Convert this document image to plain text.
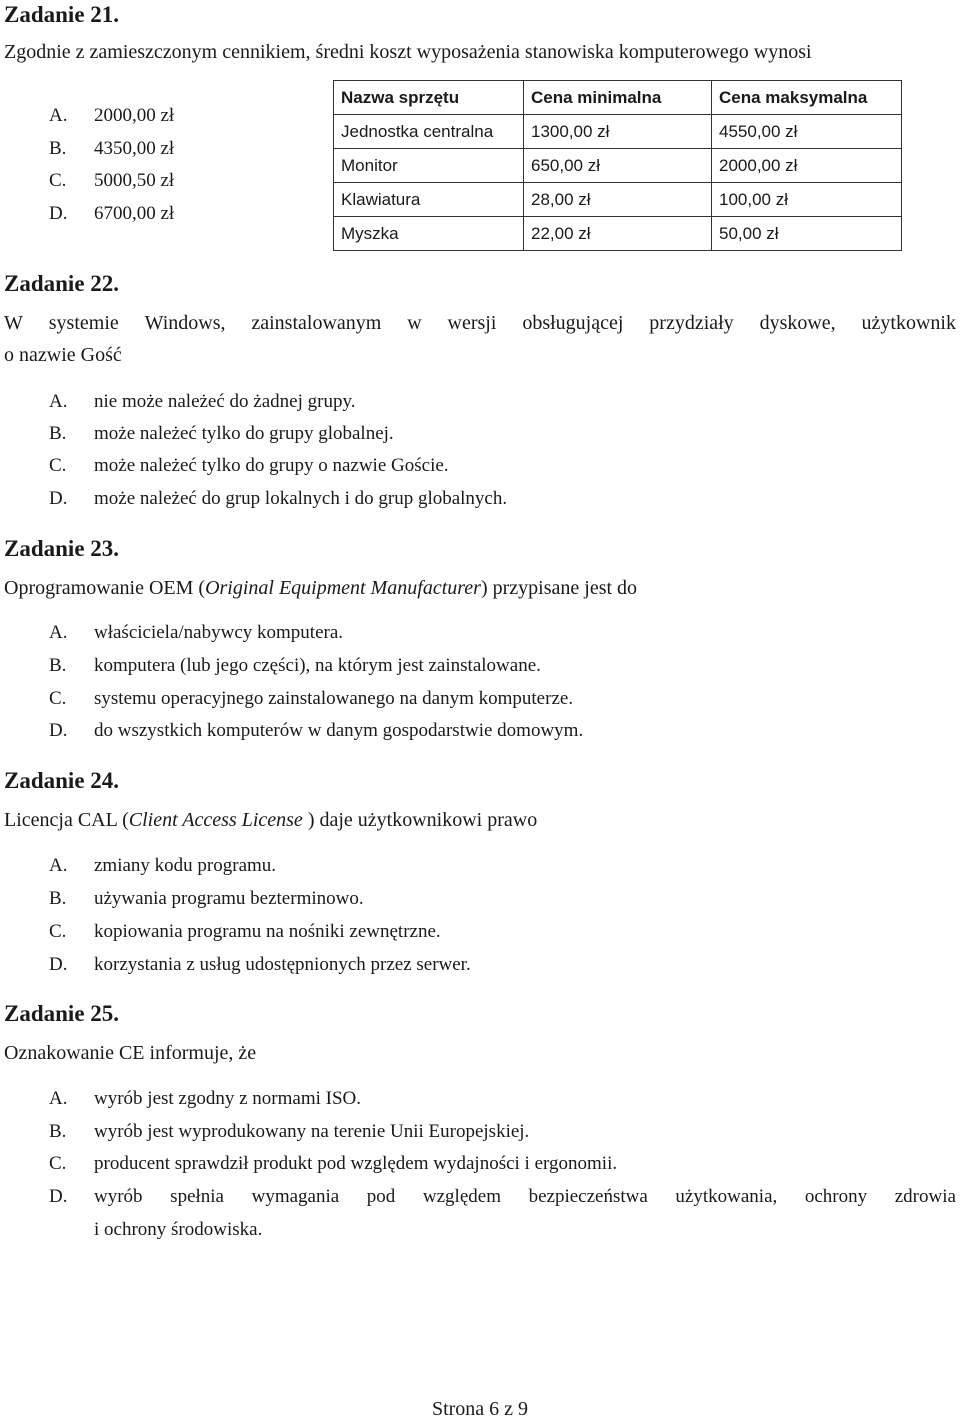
Zadanie 21.
Zgodnie z zamieszczonym cennikiem, średni koszt wyposażenia stanowiska komputerowego wynosi
A. 2000,00 zł
B. 4350,00 zł
C. 5000,50 zł
D. 6700,00 zł
Nazwa sprzętu	Cena minimalna	Cena maksymalna
Jednostka centralna	1300,00 zł	4550,00 zł
Monitor	650,00 zł	2000,00 zł
Klawiatura	28,00 zł	100,00 zł
Myszka	22,00 zł	50,00 zł
Zadanie 22.
W systemie Windows, zainstalowanym w wersji obsługującej przydziały dyskowe, użytkownik
o nazwie Gość
A. nie może należeć do żadnej grupy.
B. może należeć tylko do grupy globalnej.
C. może należeć tylko do grupy o nazwie Goście.
D. może należeć do grup lokalnych i do grup globalnych.
Zadanie 23.
Oprogramowanie OEM (Original Equipment Manufacturer) przypisane jest do
A. właściciela/nabywcy komputera.
B. komputera (lub jego części), na którym jest zainstalowane.
C. systemu operacyjnego zainstalowanego na danym komputerze.
D. do wszystkich komputerów w danym gospodarstwie domowym.
Zadanie 24.
Licencja CAL (Client Access License ) daje użytkownikowi prawo
A. zmiany kodu programu.
B. używania programu bezterminowo.
C. kopiowania programu na nośniki zewnętrzne.
D. korzystania z usług udostępnionych przez serwer.
Zadanie 25.
Oznakowanie CE informuje, że
A. wyrób jest zgodny z normami ISO.
B. wyrób jest wyprodukowany na terenie Unii Europejskiej.
C. producent sprawdził produkt pod względem wydajności i ergonomii.
D. wyrób spełnia wymagania pod względem bezpieczeństwa użytkowania, ochrony zdrowia
i ochrony środowiska.
Strona 6 z 9
